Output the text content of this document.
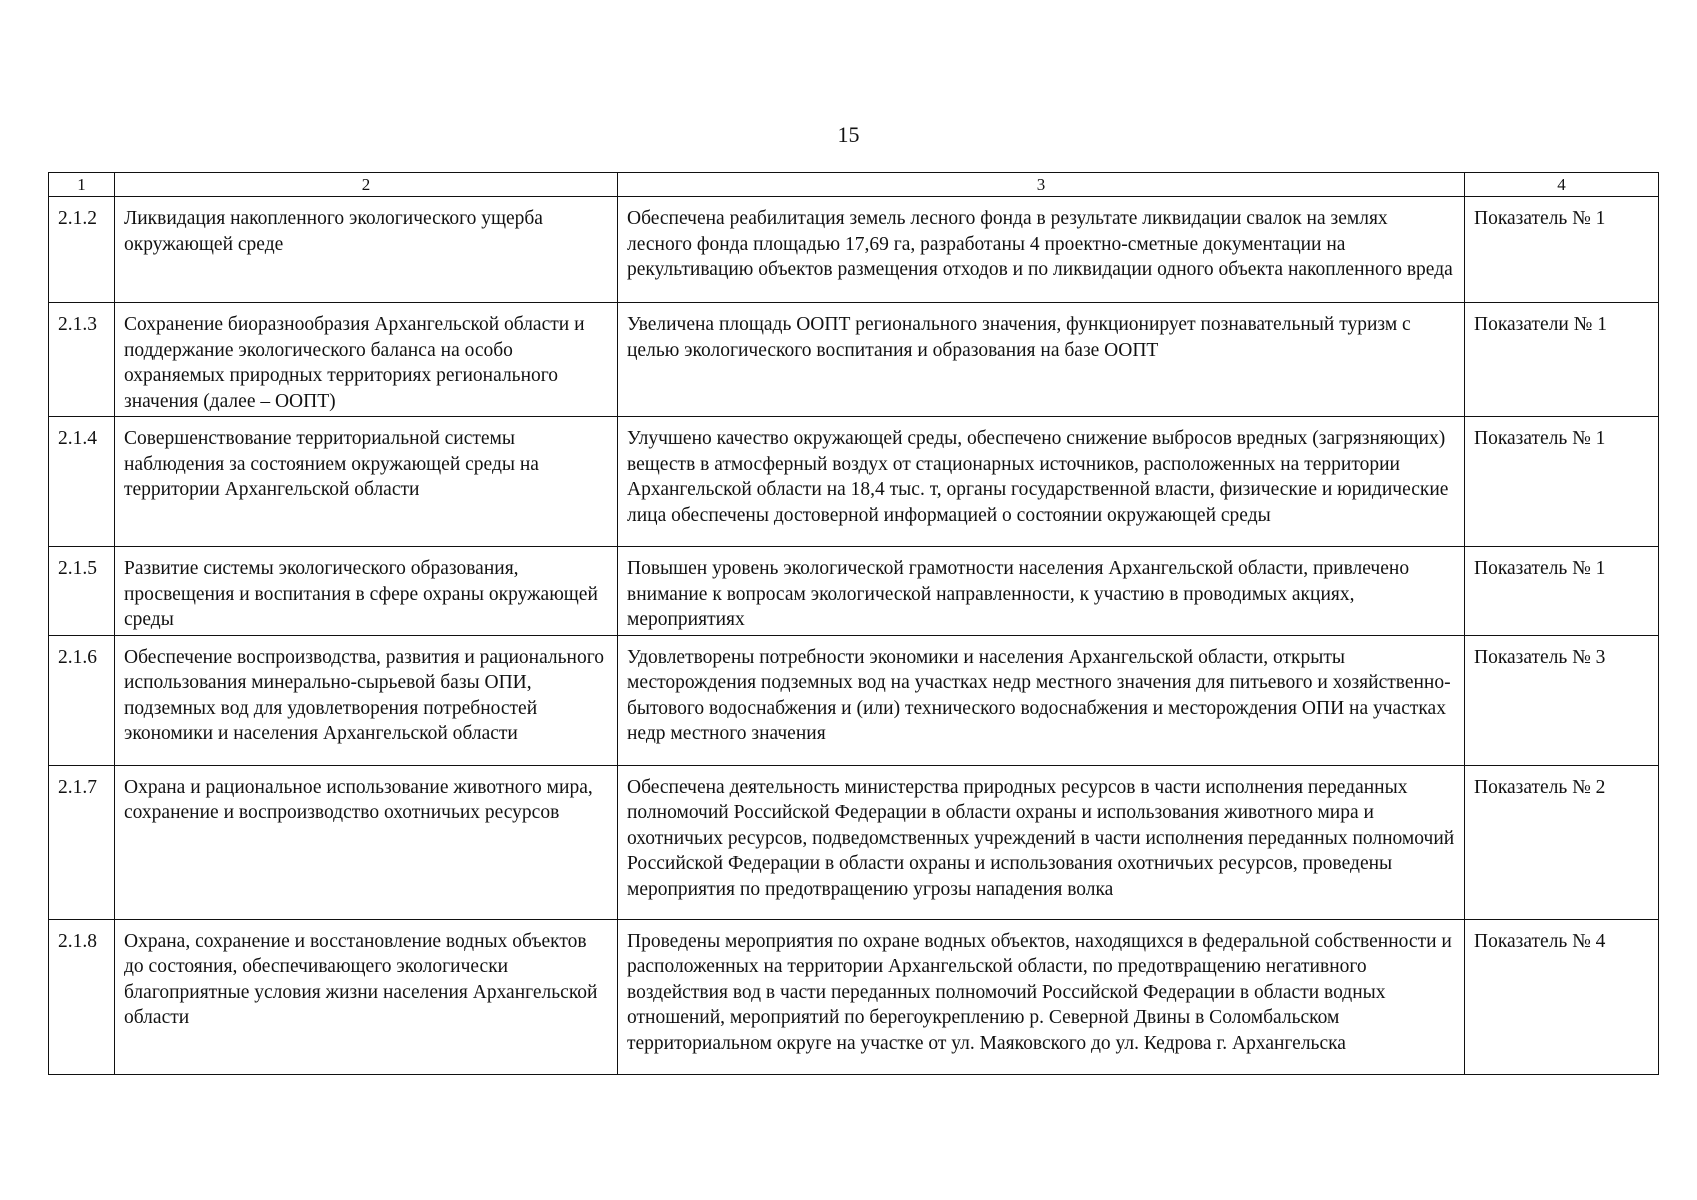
15
1	2	3	4
2.1.2	Ликвидация накопленного экологического ущерба окружающей среде	Обеспечена реабилитация земель лесного фонда в результате ликвидации свалок на землях лесного фонда площадью 17,69 га, разработаны 4 проектно-сметные документации на рекультивацию объектов размещения отходов и по ликвидации одного объекта накопленного вреда	Показатель № 1
2.1.3	Сохранение биоразнообразия Архангельской области и поддержание экологического баланса на особо охраняемых природных территориях регионального значения (далее – ООПТ)	Увеличена площадь ООПТ регионального значения, функционирует познавательный туризм с целью экологического воспитания и образования на базе ООПТ	Показатели № 1
2.1.4	Совершенствование территориальной системы наблюдения за состоянием окружающей среды на территории Архангельской области	Улучшено качество окружающей среды, обеспечено снижение выбросов вредных (загрязняющих) веществ в атмосферный воздух от стационарных источников, расположенных на территории Архангельской области на 18,4 тыс. т, органы государственной власти, физические и юридические лица обеспечены достоверной информацией о состоянии окружающей среды	Показатель № 1
2.1.5	Развитие системы экологического образования, просвещения и воспитания в сфере охраны окружающей среды	Повышен уровень экологической грамотности населения Архангельской области, привлечено внимание к вопросам экологической направленности, к участию в проводимых акциях, мероприятиях	Показатель № 1
2.1.6	Обеспечение воспроизводства, развития и рационального использования минерально-сырьевой базы ОПИ, подземных вод для удовлетворения потребностей экономики и населения Архангельской области	Удовлетворены потребности экономики и населения Архангельской области, открыты месторождения подземных вод на участках недр местного значения для питьевого и хозяйственно-бытового водоснабжения и (или) технического водоснабжения и месторождения ОПИ на участках недр местного значения	Показатель № 3
2.1.7	Охрана и рациональное использование животного мира, сохранение и воспроизводство охотничьих ресурсов	Обеспечена деятельность министерства природных ресурсов в части исполнения переданных полномочий Российской Федерации в области охраны и использования животного мира и охотничьих ресурсов, подведомственных учреждений в части исполнения переданных полномочий Российской Федерации в области охраны и использования охотничьих ресурсов, проведены мероприятия по предотвращению угрозы нападения волка	Показатель № 2
2.1.8	Охрана, сохранение и восстановление водных объектов до состояния, обеспечивающего экологически благоприятные условия жизни населения Архангельской области	Проведены мероприятия по охране водных объектов, находящихся в федеральной собственности и расположенных на территории Архангельской области, по предотвращению негативного воздействия вод в части переданных полномочий Российской Федерации в области водных отношений, мероприятий по берегоукреплению р. Северной Двины в Соломбальском территориальном округе на участке от ул. Маяковского до ул. Кедрова г. Архангельска	Показатель № 4
